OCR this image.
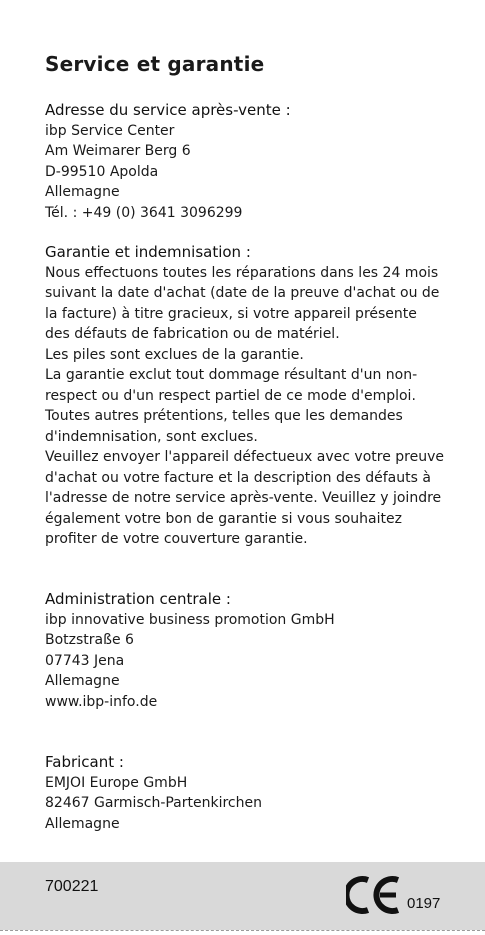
Service et garantie
Adresse du service après-vente :
ibp Service Center
Am Weimarer Berg 6
D-99510 Apolda
Allemagne
Tél. : +49 (0) 3641 3096299
Garantie et indemnisation :
Nous effectuons toutes les réparations dans les 24 mois
suivant la date d'achat (date de la preuve d'achat ou de
la facture) à titre gracieux, si votre appareil présente
des défauts de fabrication ou de matériel.
Les piles sont exclues de la garantie.
La garantie exclut tout dommage résultant d'un non-
respect ou d'un respect partiel de ce mode d'emploi.
Toutes autres prétentions, telles que les demandes
d'indemnisation, sont exclues.
Veuillez envoyer l'appareil défectueux avec votre preuve
d'achat ou votre facture et la description des défauts à
l'adresse de notre service après-vente. Veuillez y joindre
également votre bon de garantie si vous souhaitez
profiter de votre couverture garantie.
Administration centrale :
ibp innovative business promotion GmbH
Botzstraße 6
07743 Jena
Allemagne
www.ibp-info.de
Fabricant :
EMJOI Europe GmbH
82467 Garmisch-Partenkirchen
Allemagne
700221
0197
